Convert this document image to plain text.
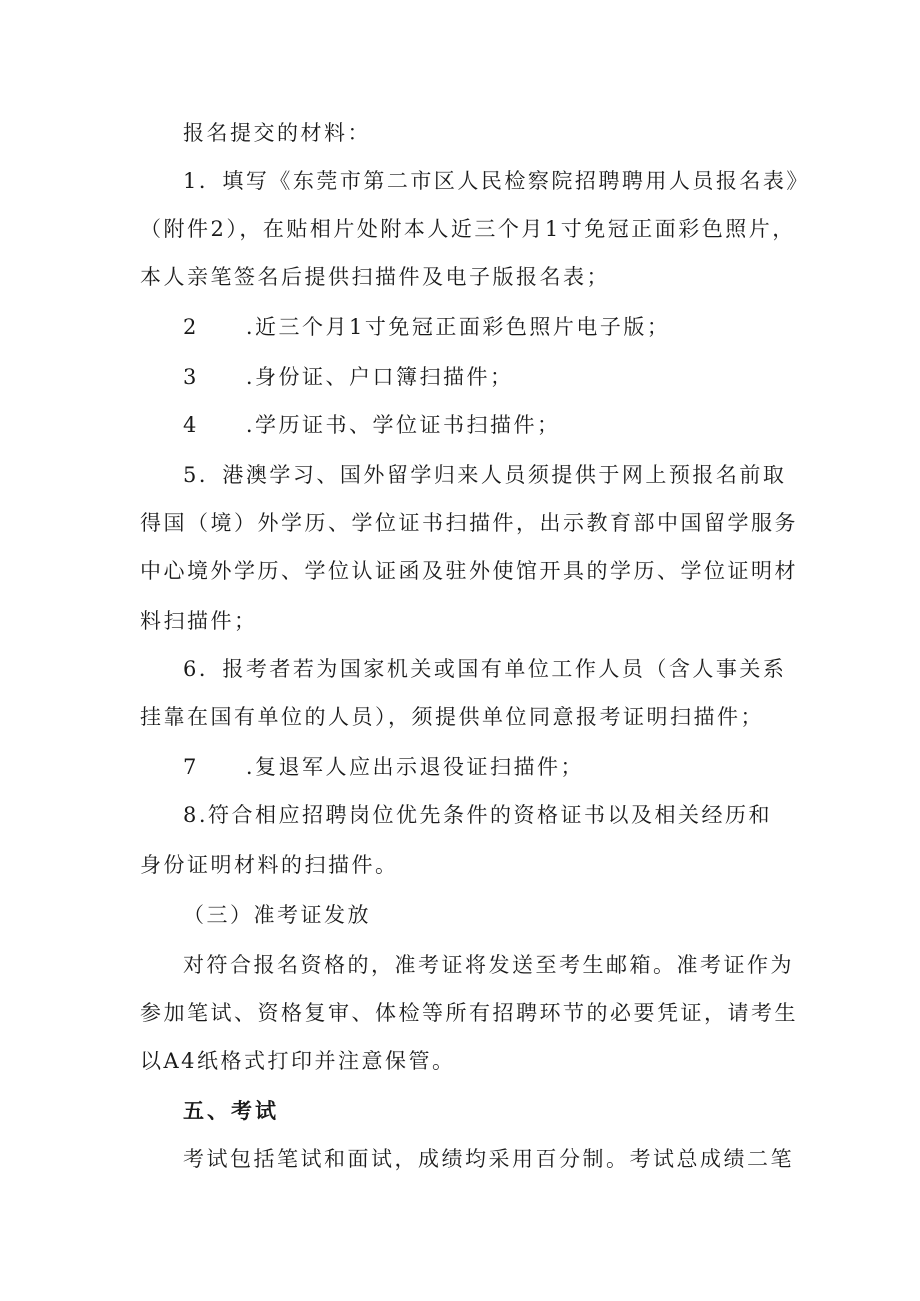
报名提交的材料：

1．填写《东莞市第二市区人民检察院招聘聘用人员报名表》

（附件2），在贴相片处附本人近三个月1寸免冠正面彩色照片，

本人亲笔签名后提供扫描件及电子版报名表；

2　　.近三个月1寸免冠正面彩色照片电子版；

3　　.身份证、户口簿扫描件；

4　　.学历证书、学位证书扫描件；

5．港澳学习、国外留学归来人员须提供于网上预报名前取

得国（境）外学历、学位证书扫描件，出示教育部中国留学服务

中心境外学历、学位认证函及驻外使馆开具的学历、学位证明材

料扫描件；

6．报考者若为国家机关或国有单位工作人员（含人事关系

挂靠在国有单位的人员），须提供单位同意报考证明扫描件；

7　　.复退军人应出示退役证扫描件；

8.符合相应招聘岗位优先条件的资格证书以及相关经历和

身份证明材料的扫描件。

（三）准考证发放

对符合报名资格的，准考证将发送至考生邮箱。准考证作为

参加笔试、资格复审、体检等所有招聘环节的必要凭证，请考生

以A4纸格式打印并注意保管。

五、考试

考试包括笔试和面试，成绩均采用百分制。考试总成绩二笔
